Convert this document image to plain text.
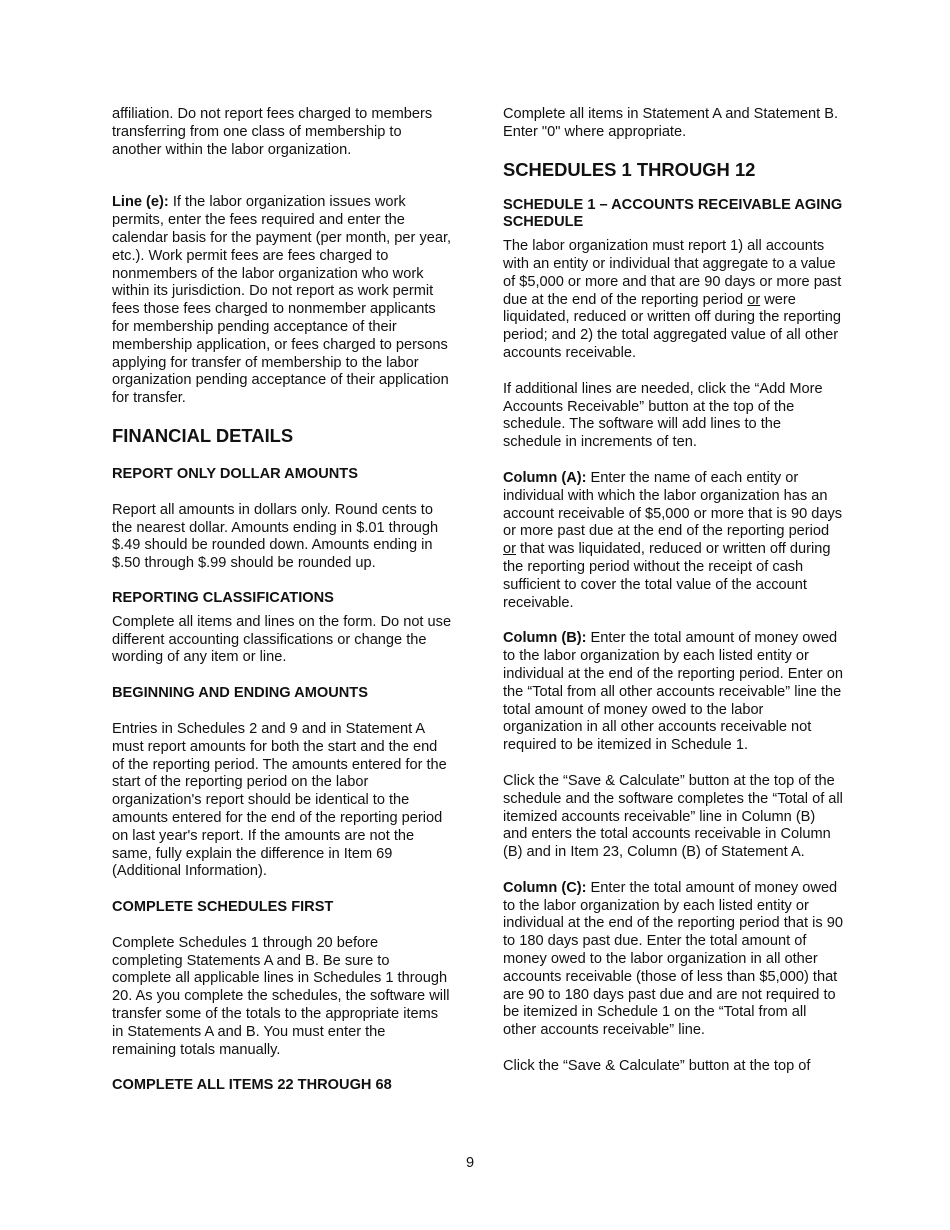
affiliation. Do not report fees charged to members transferring from one class of membership to another within the labor organization.

Line (e): If the labor organization issues work permits, enter the fees required and enter the calendar basis for the payment (per month, per year, etc.). Work permit fees are fees charged to nonmembers of the labor organization who work within its jurisdiction. Do not report as work permit fees those fees charged to nonmember applicants for membership pending acceptance of their membership application, or fees charged to persons applying for transfer of membership to the labor organization pending acceptance of their application for transfer.

FINANCIAL DETAILS

REPORT ONLY DOLLAR AMOUNTS

Report all amounts in dollars only. Round cents to the nearest dollar. Amounts ending in $.01 through $.49 should be rounded down. Amounts ending in $.50 through $.99 should be rounded up.

REPORTING CLASSIFICATIONS

Complete all items and lines on the form. Do not use different accounting classifications or change the wording of any item or line.

BEGINNING AND ENDING AMOUNTS

Entries in Schedules 2 and 9 and in Statement A must report amounts for both the start and the end of the reporting period. The amounts entered for the start of the reporting period on the labor organization's report should be identical to the amounts entered for the end of the reporting period on last year's report. If the amounts are not the same, fully explain the difference in Item 69 (Additional Information).

COMPLETE SCHEDULES FIRST

Complete Schedules 1 through 20 before completing Statements A and B. Be sure to complete all applicable lines in Schedules 1 through 20. As you complete the schedules, the software will transfer some of the totals to the appropriate items in Statements A and B. You must enter the remaining totals manually.

COMPLETE ALL ITEMS 22 THROUGH 68

Complete all items in Statement A and Statement B. Enter "0" where appropriate.

SCHEDULES 1 THROUGH 12

SCHEDULE 1 – ACCOUNTS RECEIVABLE AGING SCHEDULE

The labor organization must report 1) all accounts with an entity or individual that aggregate to a value of $5,000 or more and that are 90 days or more past due at the end of the reporting period or were liquidated, reduced or written off during the reporting period; and 2) the total aggregated value of all other accounts receivable.

If additional lines are needed, click the “Add More Accounts Receivable” button at the top of the schedule. The software will add lines to the schedule in increments of ten.

Column (A): Enter the name of each entity or individual with which the labor organization has an account receivable of $5,000 or more that is 90 days or more past due at the end of the reporting period or that was liquidated, reduced or written off during the reporting period without the receipt of cash sufficient to cover the total value of the account receivable.

Column (B): Enter the total amount of money owed to the labor organization by each listed entity or individual at the end of the reporting period. Enter on the “Total from all other accounts receivable” line the total amount of money owed to the labor organization in all other accounts receivable not required to be itemized in Schedule 1.

Click the “Save & Calculate” button at the top of the schedule and the software completes the “Total of all itemized accounts receivable” line in Column (B) and enters the total accounts receivable in Column (B) and in Item 23, Column (B) of Statement A.

Column (C): Enter the total amount of money owed to the labor organization by each listed entity or individual at the end of the reporting period that is 90 to 180 days past due. Enter the total amount of money owed to the labor organization in all other accounts receivable (those of less than $5,000) that are 90 to 180 days past due and are not required to be itemized in Schedule 1 on the “Total from all other accounts receivable” line.

Click the “Save & Calculate” button at the top of

9
